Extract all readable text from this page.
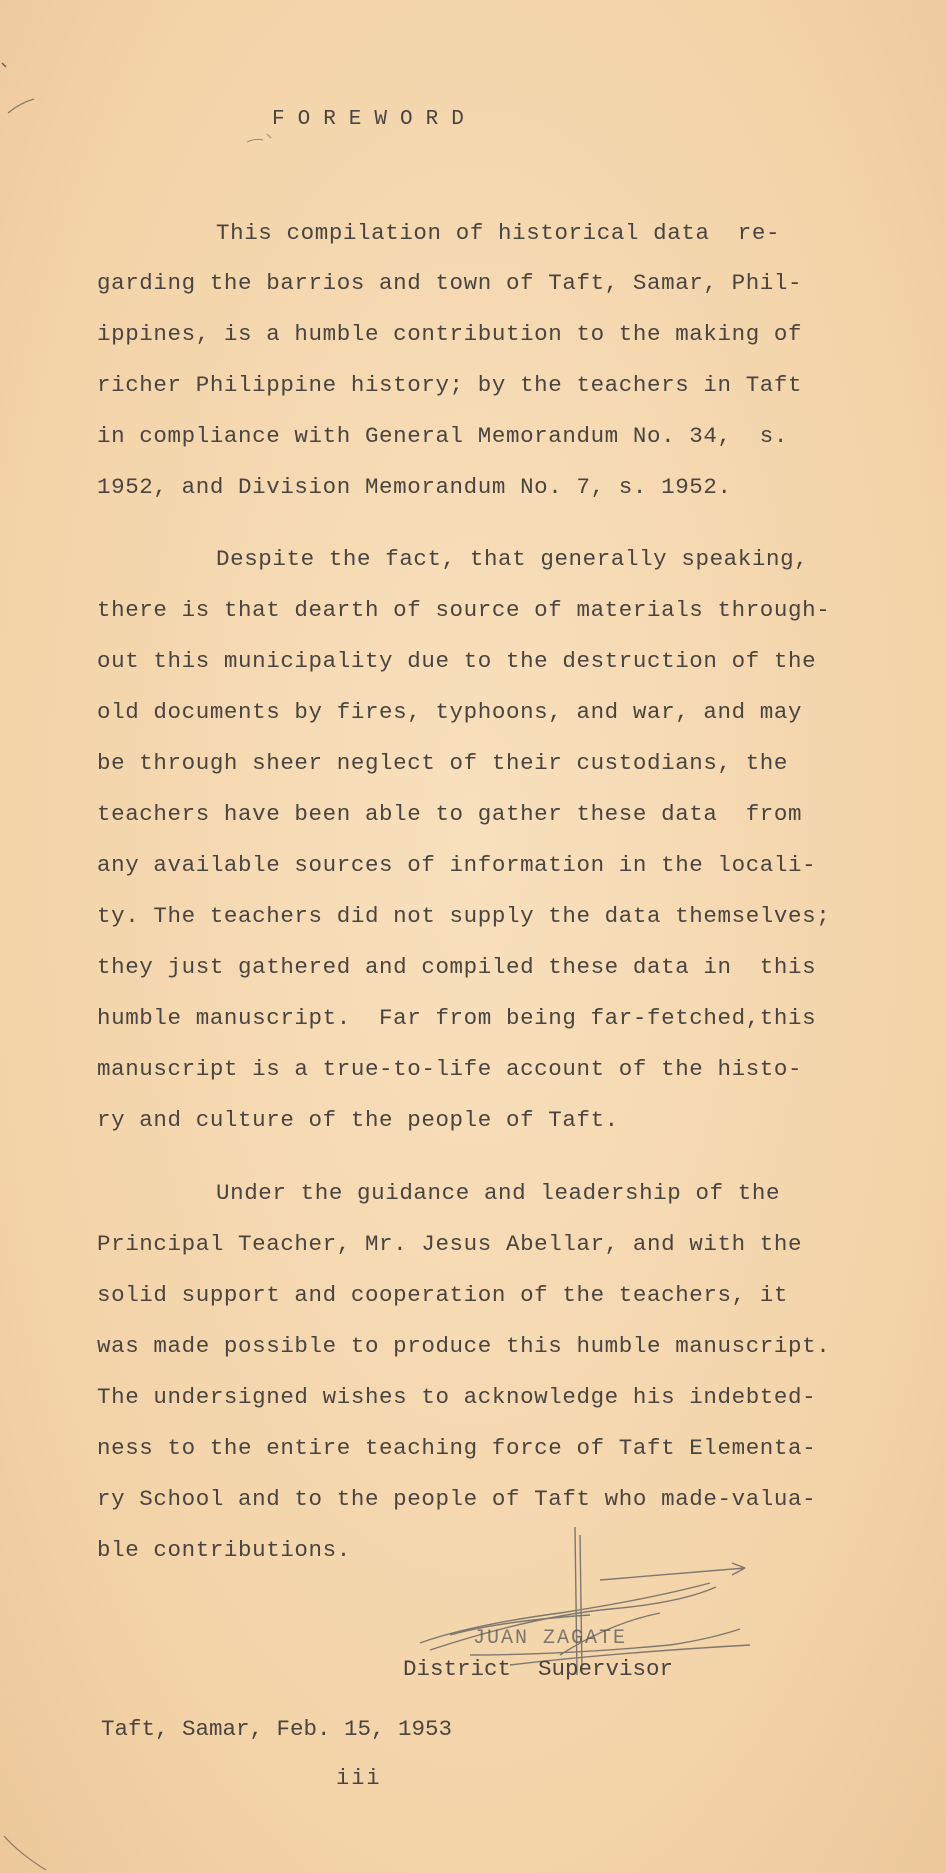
FOREWORD
This compilation of historical data  re-
garding the barrios and town of Taft, Samar, Phil-
ippines, is a humble contribution to the making of
richer Philippine history; by the teachers in Taft
in compliance with General Memorandum No. 34,  s.
1952, and Division Memorandum No. 7, s. 1952.
Despite the fact, that generally speaking,
there is that dearth of source of materials through-
out this municipality due to the destruction of the
old documents by fires, typhoons, and war, and may
be through sheer neglect of their custodians, the
teachers have been able to gather these data  from
any available sources of information in the locali-
ty. The teachers did not supply the data themselves;
they just gathered and compiled these data in  this
humble manuscript.  Far from being far-fetched,this
manuscript is a true-to-life account of the histo-
ry and culture of the people of Taft.
Under the guidance and leadership of the
Principal Teacher, Mr. Jesus Abellar, and with the
solid support and cooperation of the teachers, it
was made possible to produce this humble manuscript.
The undersigned wishes to acknowledge his indebted-
ness to the entire teaching force of Taft Elementa-
ry School and to the people of Taft who made-valua-
ble contributions.
JUAN ZAGATE
District  Supervisor
Taft, Samar, Feb. 15, 1953
iii
